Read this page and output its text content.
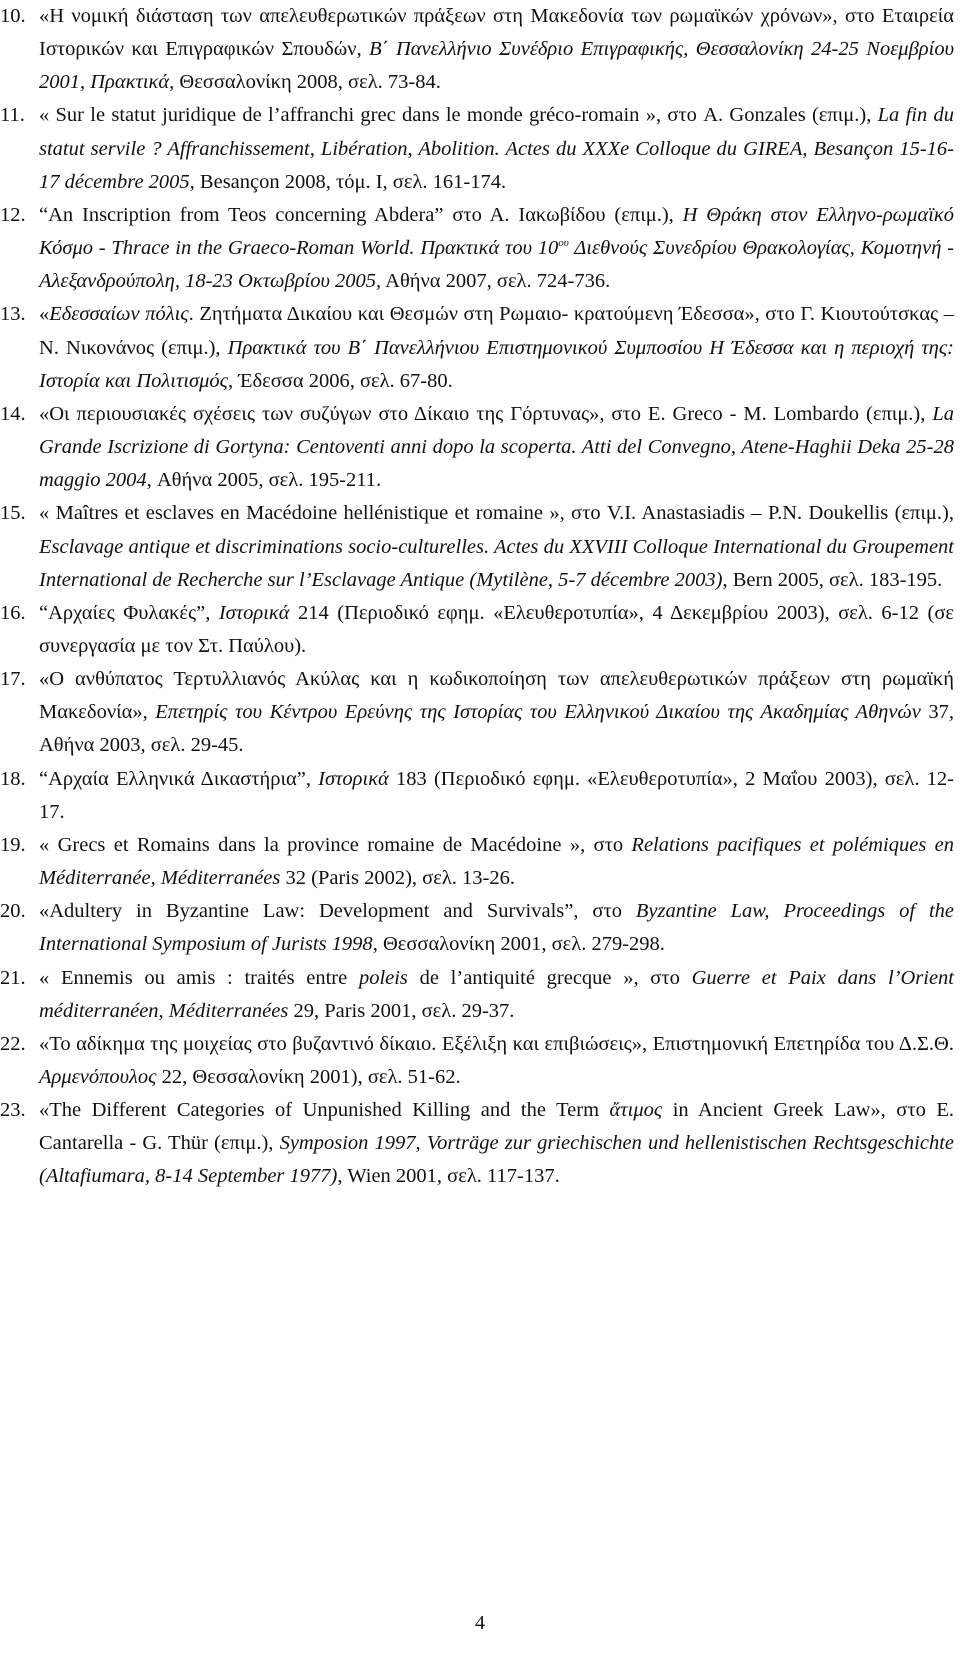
10. «Η νομική διάσταση των απελευθερωτικών πράξεων στη Μακεδονία των ρωμαϊκών χρόνων», στο Εταιρεία Ιστορικών και Επιγραφικών Σπουδών, Β΄ Πανελλήνιο Συνέδριο Επιγραφικής, Θεσσαλονίκη 24-25 Νοεμβρίου 2001, Πρακτικά, Θεσσαλονίκη 2008, σελ. 73-84.
11. « Sur le statut juridique de l’affranchi grec dans le monde gréco-romain », στο A. Gonzales (επιμ.), La fin du statut servile ? Affranchissement, Libération, Abolition. Actes du XXXe Colloque du GIREA, Besançon 15-16-17 décembre 2005, Besançon 2008, τόμ. I, σελ. 161-174.
12. “An Inscription from Teos concerning Abdera” στο Α. Ιακωβίδου (επιμ.), Η Θράκη στον Ελληνο-ρωμαϊκό Κόσμο - Thrace in the Graeco-Roman World. Πρακτικά του $10^{o\upsilon}$ Διεθνούς Συνεδρίου Θρακολογίας, Κομοτηνή - Αλεξανδρούπολη, 18-23 Οκτωβρίου 2005, Αθήνα 2007, σελ. 724-736.
13. «Εδεσσαίων πόλις. Ζητήματα Δικαίου και Θεσμών στη Ρωμαιο- κρατούμενη Έδεσσα», στο Γ. Κιουτούτσκας – Ν. Νικονάνος (επιμ.), Πρακτικά του Β΄ Πανελλήνιου Επιστημονικού Συμποσίου Η Έδεσσα και η περιοχή της: Ιστορία και Πολιτισμός, Έδεσσα 2006, σελ. 67-80.
14. «Οι περιουσιακές σχέσεις των συζύγων στο Δίκαιο της Γόρτυνας», στο E. Greco - M. Lombardo (επιμ.), La Grande Iscrizione di Gortyna: Centoventi anni dopo la scoperta. Atti del Convegno, Atene-Haghii Deka 25-28 maggio 2004, Αθήνα 2005, σελ. 195-211.
15. « Maîtres et esclaves en Macédoine hellénistique et romaine », στο V.I. Anastasiadis – P.N. Doukellis (επιμ.), Esclavage antique et discriminations socio-culturelles. Actes du XXVIII Colloque International du Groupement International de Recherche sur l’Esclavage Antique (Mytilène, 5-7 décembre 2003), Bern 2005, σελ. 183-195.
16. “Αρχαίες Φυλακές”, Ιστορικά 214 (Περιοδικό εφημ. «Ελευθεροτυπία», 4 Δεκεμβρίου 2003), σελ. 6-12 (σε συνεργασία με τον Στ. Παύλου).
17. «Ο ανθύπατος Τερτυλλιανός Ακύλας και η κωδικοποίηση των απελευθερωτικών πράξεων στη ρωμαϊκή Μακεδονία», Επετηρίς του Κέντρου Ερεύνης της Ιστορίας του Ελληνικού Δικαίου της Ακαδημίας Αθηνών 37, Αθήνα 2003, σελ. 29-45.
18. “Αρχαία Ελληνικά Δικαστήρια”, Ιστορικά 183 (Περιοδικό εφημ. «Ελευθεροτυπία», 2 Μαΐου 2003), σελ. 12-17.
19. « Grecs et Romains dans la province romaine de Macédoine », στο Relations pacifiques et polémiques en Méditerranée, Méditerranées 32 (Paris 2002), σελ. 13-26.
20. «Adultery in Byzantine Law: Development and Survivals”, στο Byzantine Law, Proceedings of the International Symposium of Jurists 1998, Θεσσαλονίκη 2001, σελ. 279-298.
21. « Ennemis ou amis : traités entre poleis de l’antiquité grecque », στο Guerre et Paix dans l’Orient méditerranéen, Méditerranées 29, Paris 2001, σελ. 29-37.
22. «Το αδίκημα της μοιχείας στο βυζαντινό δίκαιο. Εξέλιξη και επιβιώσεις», Επιστημονική Επετηρίδα του Δ.Σ.Θ. Αρμενόπουλος 22, Θεσσαλονίκη 2001), σελ. 51-62.
23. «The Different Categories of Unpunished Killing and the Term ἄτιμος in Ancient Greek Law», στο E. Cantarella - G. Thür (επιμ.), Symposion 1997, Vorträge zur griechischen und hellenistischen Rechtsgeschichte (Altafiumara, 8-14 September 1977), Wien 2001, σελ. 117-137.
4
